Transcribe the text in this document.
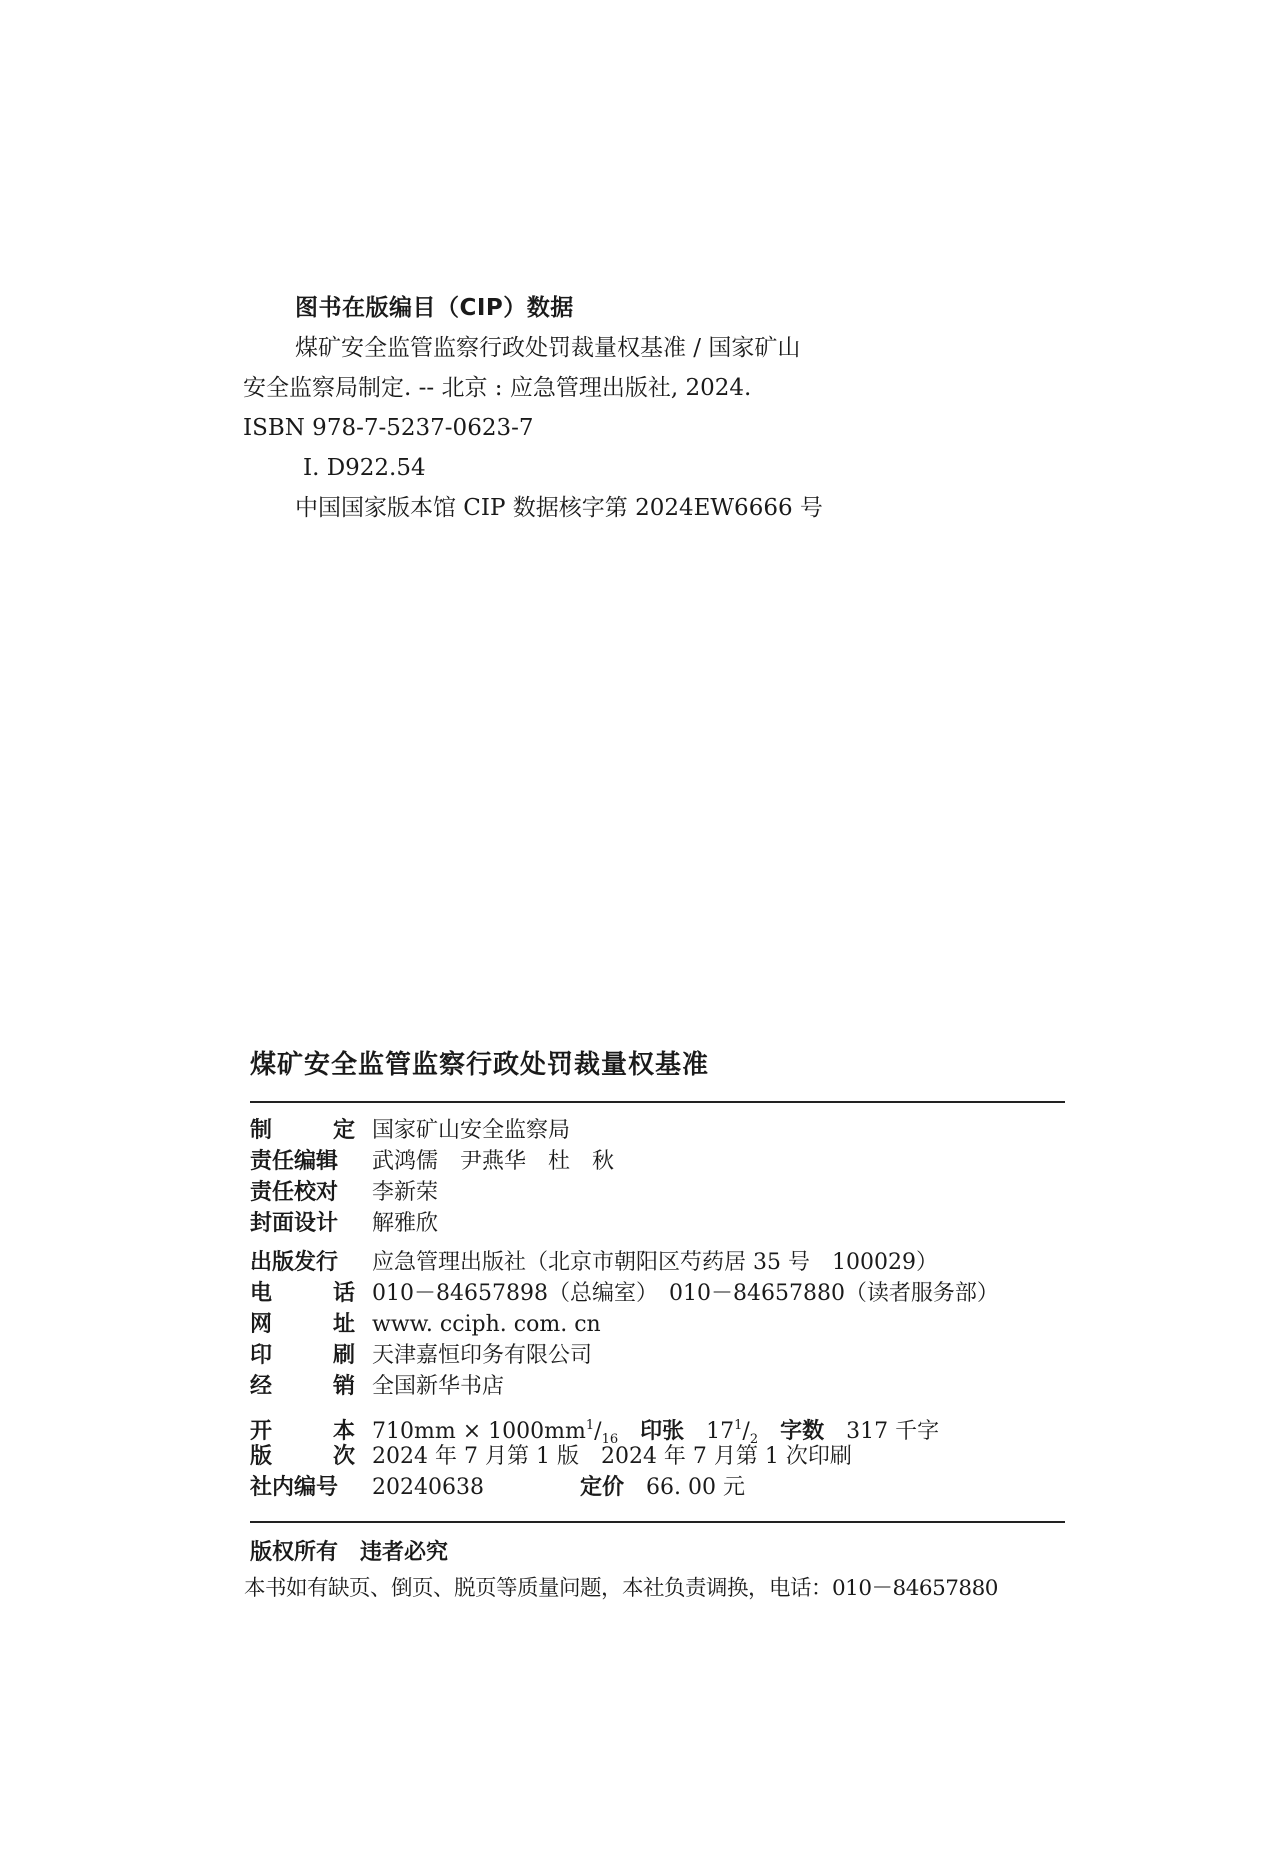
图书在版编目（CIP）数据
煤矿安全监管监察行政处罚裁量权基准 / 国家矿山
安全监察局制定. -- 北京 : 应急管理出版社, 2024.
ISBN 978-7-5237-0623-7
Ⅰ. D922.54
中国国家版本馆 CIP 数据核字第 2024EW6666 号
煤矿安全监管监察行政处罚裁量权基准
制	定 国家矿山安全监察局
责任编辑	武鸿儒　尹燕华　杜　秋
责任校对	李新荣
封面设计	解雅欣
出版发行	应急管理出版社（北京市朝阳区芍药居 35 号　100029）
电	话 010－84657898（总编室）　010－84657880（读者服务部）
网	址 www. cciph. com. cn
印	刷 天津嘉恒印务有限公司
经	销 全国新华书店
开	本 $710mm \times 1000mm^1/_{16}$ 印张 $17^1/_2$ 字数 317 千字
版	次 2024 年 7 月第 1 版　2024 年 7 月第 1 次印刷
社内编号	20240638	定价 66. 00 元
版权所有 违者必究
本书如有缺页、倒页、脱页等质量问题，本社负责调换，电话：010－84657880
